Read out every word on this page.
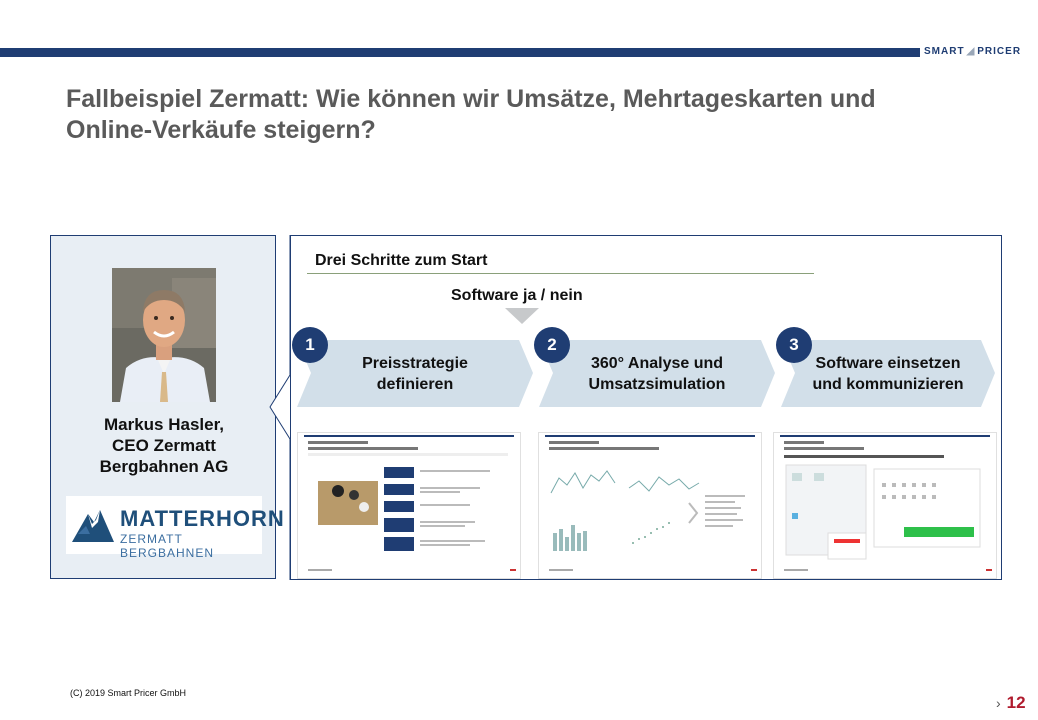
SMART ◢ PRICER
Fallbeispiel Zermatt: Wie können wir Umsätze, Mehrtageskarten und
Online-Verkäufe steigern?
Markus Hasler,
CEO Zermatt
Bergbahnen AG
MATTERHORN
ZERMATT BERGBAHNEN
Drei Schritte zum Start
Software ja / nein
Preisstrategie
definieren
1
360° Analyse und
Umsatzsimulation
2
Software einsetzen
und kommunizieren
3
(C) 2019 Smart Pricer GmbH
› 12
